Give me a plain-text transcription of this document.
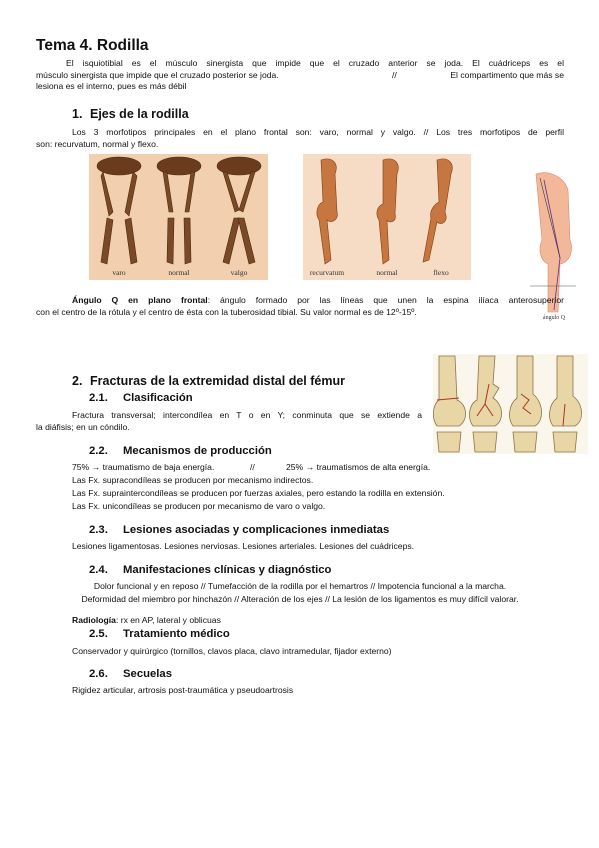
Tema 4. Rodilla
El isquiotibial es el músculo sinergista que impide que el cruzado anterior se joda. El cuádriceps es el
músculo sinergista que impide que el cruzado posterior se joda.	//	El compartimento que más se
lesiona es el interno, pues es más débil
1. Ejes de la rodilla
Los 3 morfotipos principales en el plano frontal son: varo, normal y valgo. // Los tres morfotipos de perfil
son: recurvatum, normal y flexo.
varo	normal	valgo	recurvatum	normal	flexo
ángulo Q
Ángulo Q en plano frontal: ángulo formado por las líneas que unen la espina ilíaca anterosuperior
con el centro de la rótula y el centro de ésta con la tuberosidad tibial. Su valor normal es de 12º-15º.
2. Fracturas de la extremidad distal del fémur
2.1. Clasificación
Fractura transversal; intercondílea en T o en Y; conminuta que se extiende a
la diáfisis; en un cóndilo.
2.2. Mecanismos de producción
75% → traumatismo de baja energía.	//	25% → traumatismos de alta energía.
Las Fx. supracondíleas se producen por mecanismo indirectos.
Las Fx. supraintercondíleas se producen por fuerzas axiales, pero estando la rodilla en extensión.
Las Fx. unicondíleas se producen por mecanismo de varo o valgo.
2.3. Lesiones asociadas y complicaciones inmediatas
Lesiones ligamentosas. Lesiones nerviosas. Lesiones arteriales. Lesiones del cuádriceps.
2.4. Manifestaciones clínicas y diagnóstico
Dolor funcional y en reposo // Tumefacción de la rodilla por el hemartros // Impotencia funcional a la marcha.
Deformidad del miembro por hinchazón // Alteración de los ejes // La lesión de los ligamentos es muy difícil valorar.
Radiología: rx en AP, lateral y oblicuas
2.5. Tratamiento médico
Conservador y quirúrgico (tornillos, clavos placa, clavo intramedular, fijador externo)
2.6. Secuelas
Rigidez articular, artrosis post-traumática y pseudoartrosis
